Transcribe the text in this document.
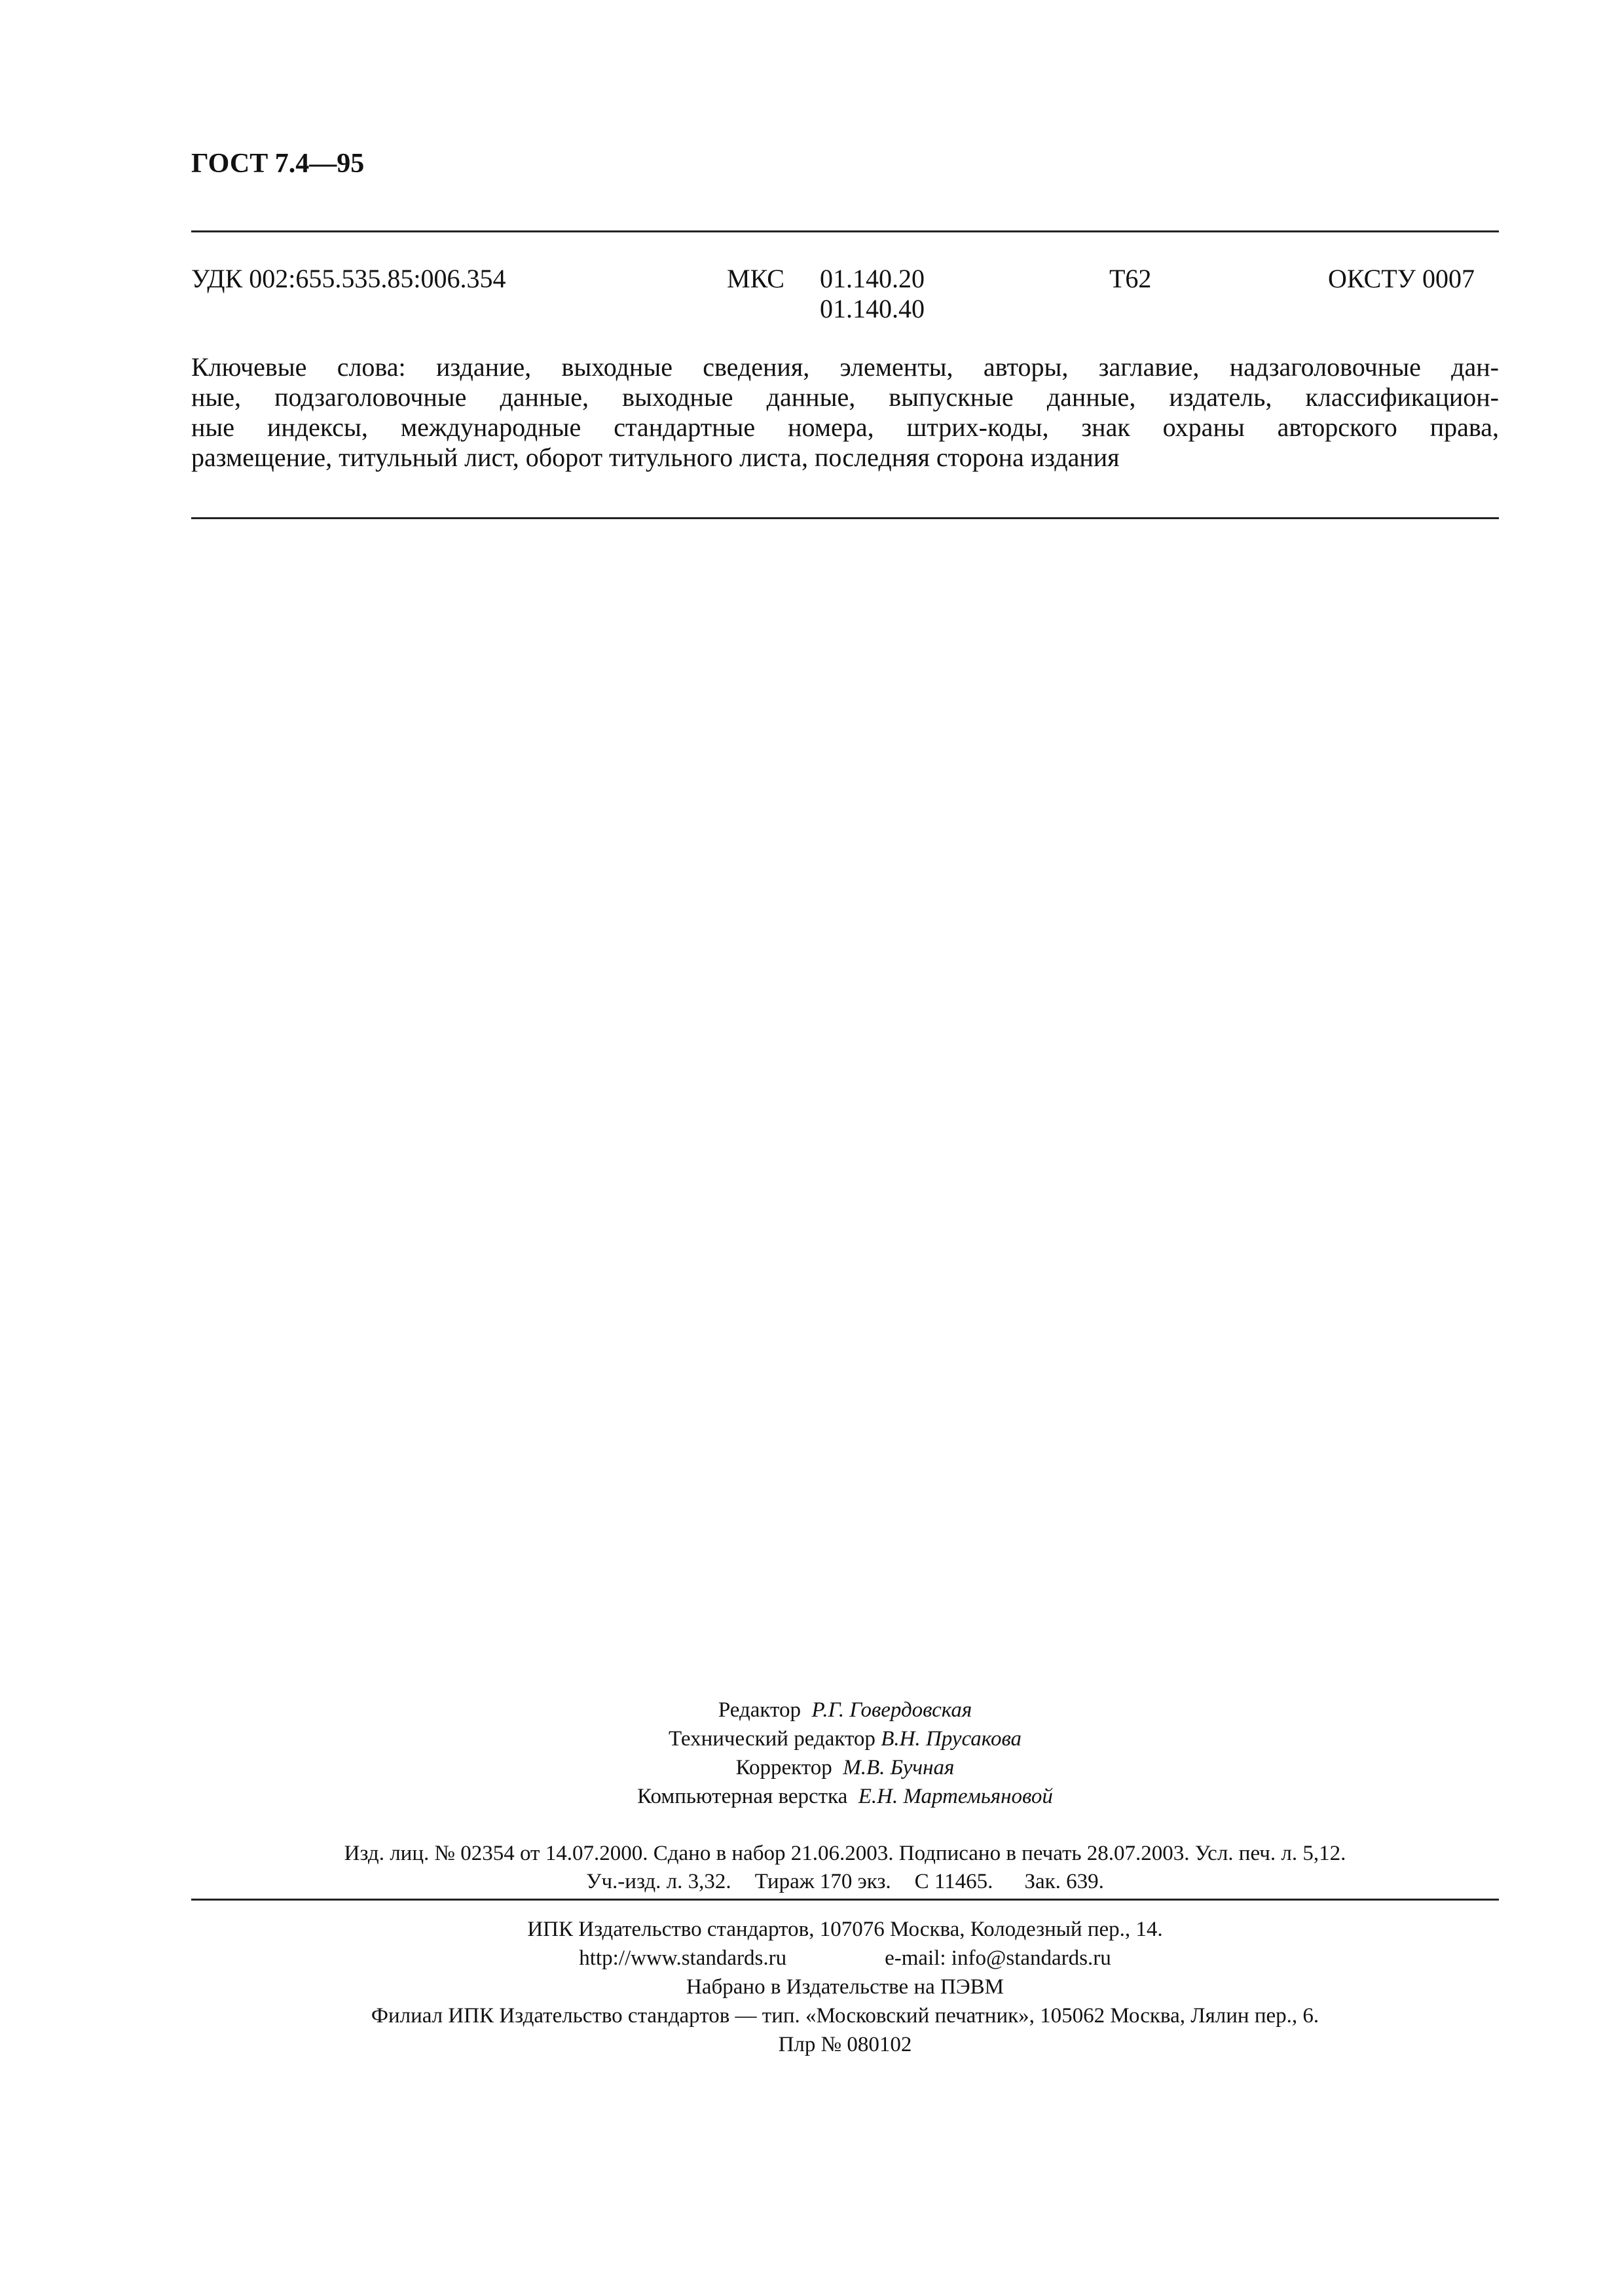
ГОСТ 7.4—95
УДК 002:655.535.85:006.354	МКС 01.140.20
01.140.40
Т62	ОКСТУ 0007
Ключевые слова: издание, выходные сведения, элементы, авторы, заглавие, надзаголовочные дан-
ные, подзаголовочные данные, выходные данные, выпускные данные, издатель, классификацион-
ные индексы, международные стандартные номера, штрих-коды, знак охраны авторского права,
размещение, титульный лист, оборот титульного листа, последняя сторона издания
Редактор Р.Г. Говердовская
Технический редактор В.Н. Прусакова
Корректор М.В. Бучная
Компьютерная верстка Е.Н. Мартемьяновой
Изд. лиц. № 02354 от 14.07.2000. Сдано в набор 21.06.2003. Подписано в печать 28.07.2003. Усл. печ. л. 5,12.
Уч.-изд. л. 3,32. Тираж 170 экз. С 11465. Зак. 639.
ИПК Издательство стандартов, 107076 Москва, Колодезный пер., 14.
http://www.standards.ru	e-mail: info@standards.ru
Набрано в Издательстве на ПЭВМ
Филиал ИПК Издательство стандартов — тип. «Московский печатник», 105062 Москва, Лялин пер., 6.
Плр № 080102
